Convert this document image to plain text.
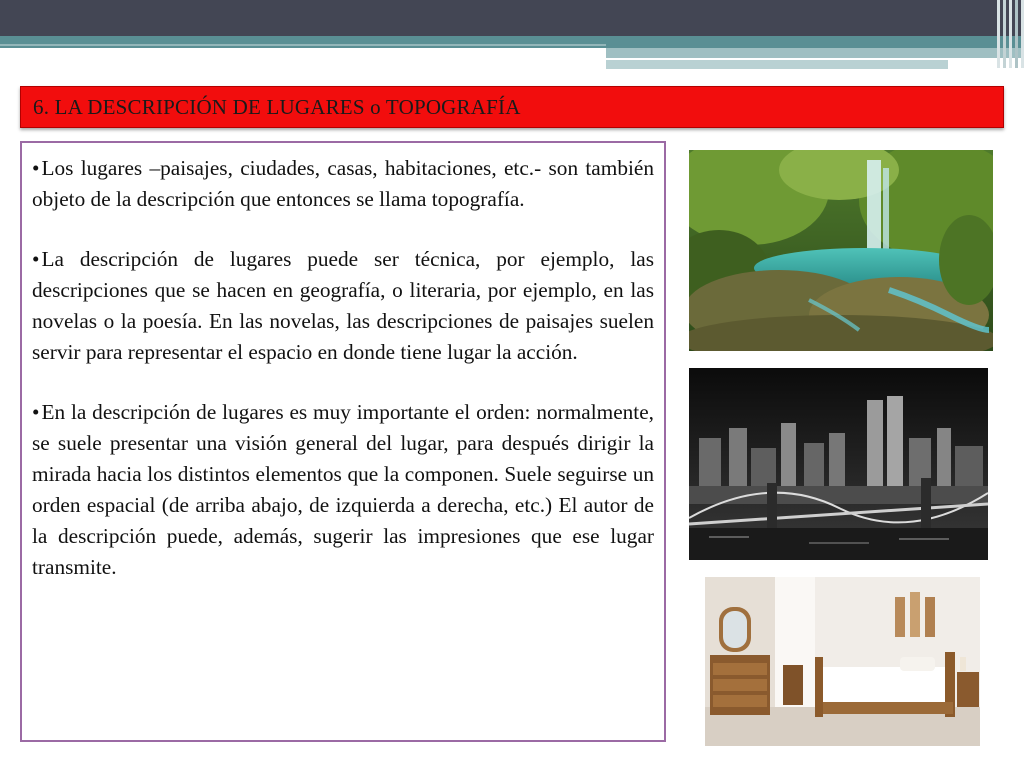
6. LA DESCRIPCIÓN DE LUGARES o TOPOGRAFÍA

•Los lugares –paisajes, ciudades, casas, habitaciones, etc.- son también objeto de la descripción que entonces se llama topografía.

•La descripción de lugares puede ser técnica, por ejemplo, las descripciones que se hacen en geografía, o literaria, por ejemplo, en las novelas o la poesía. En las novelas, las descripciones de paisajes suelen servir para representar el espacio en donde tiene lugar la acción.

•En la descripción de lugares es muy importante el orden: normalmente, se suele presentar una visión general del lugar, para después dirigir la mirada hacia los distintos elementos que la componen. Suele seguirse un orden espacial (de arriba abajo, de izquierda a derecha, etc.) El autor de la descripción puede, además, sugerir las impresiones que ese lugar transmite.
